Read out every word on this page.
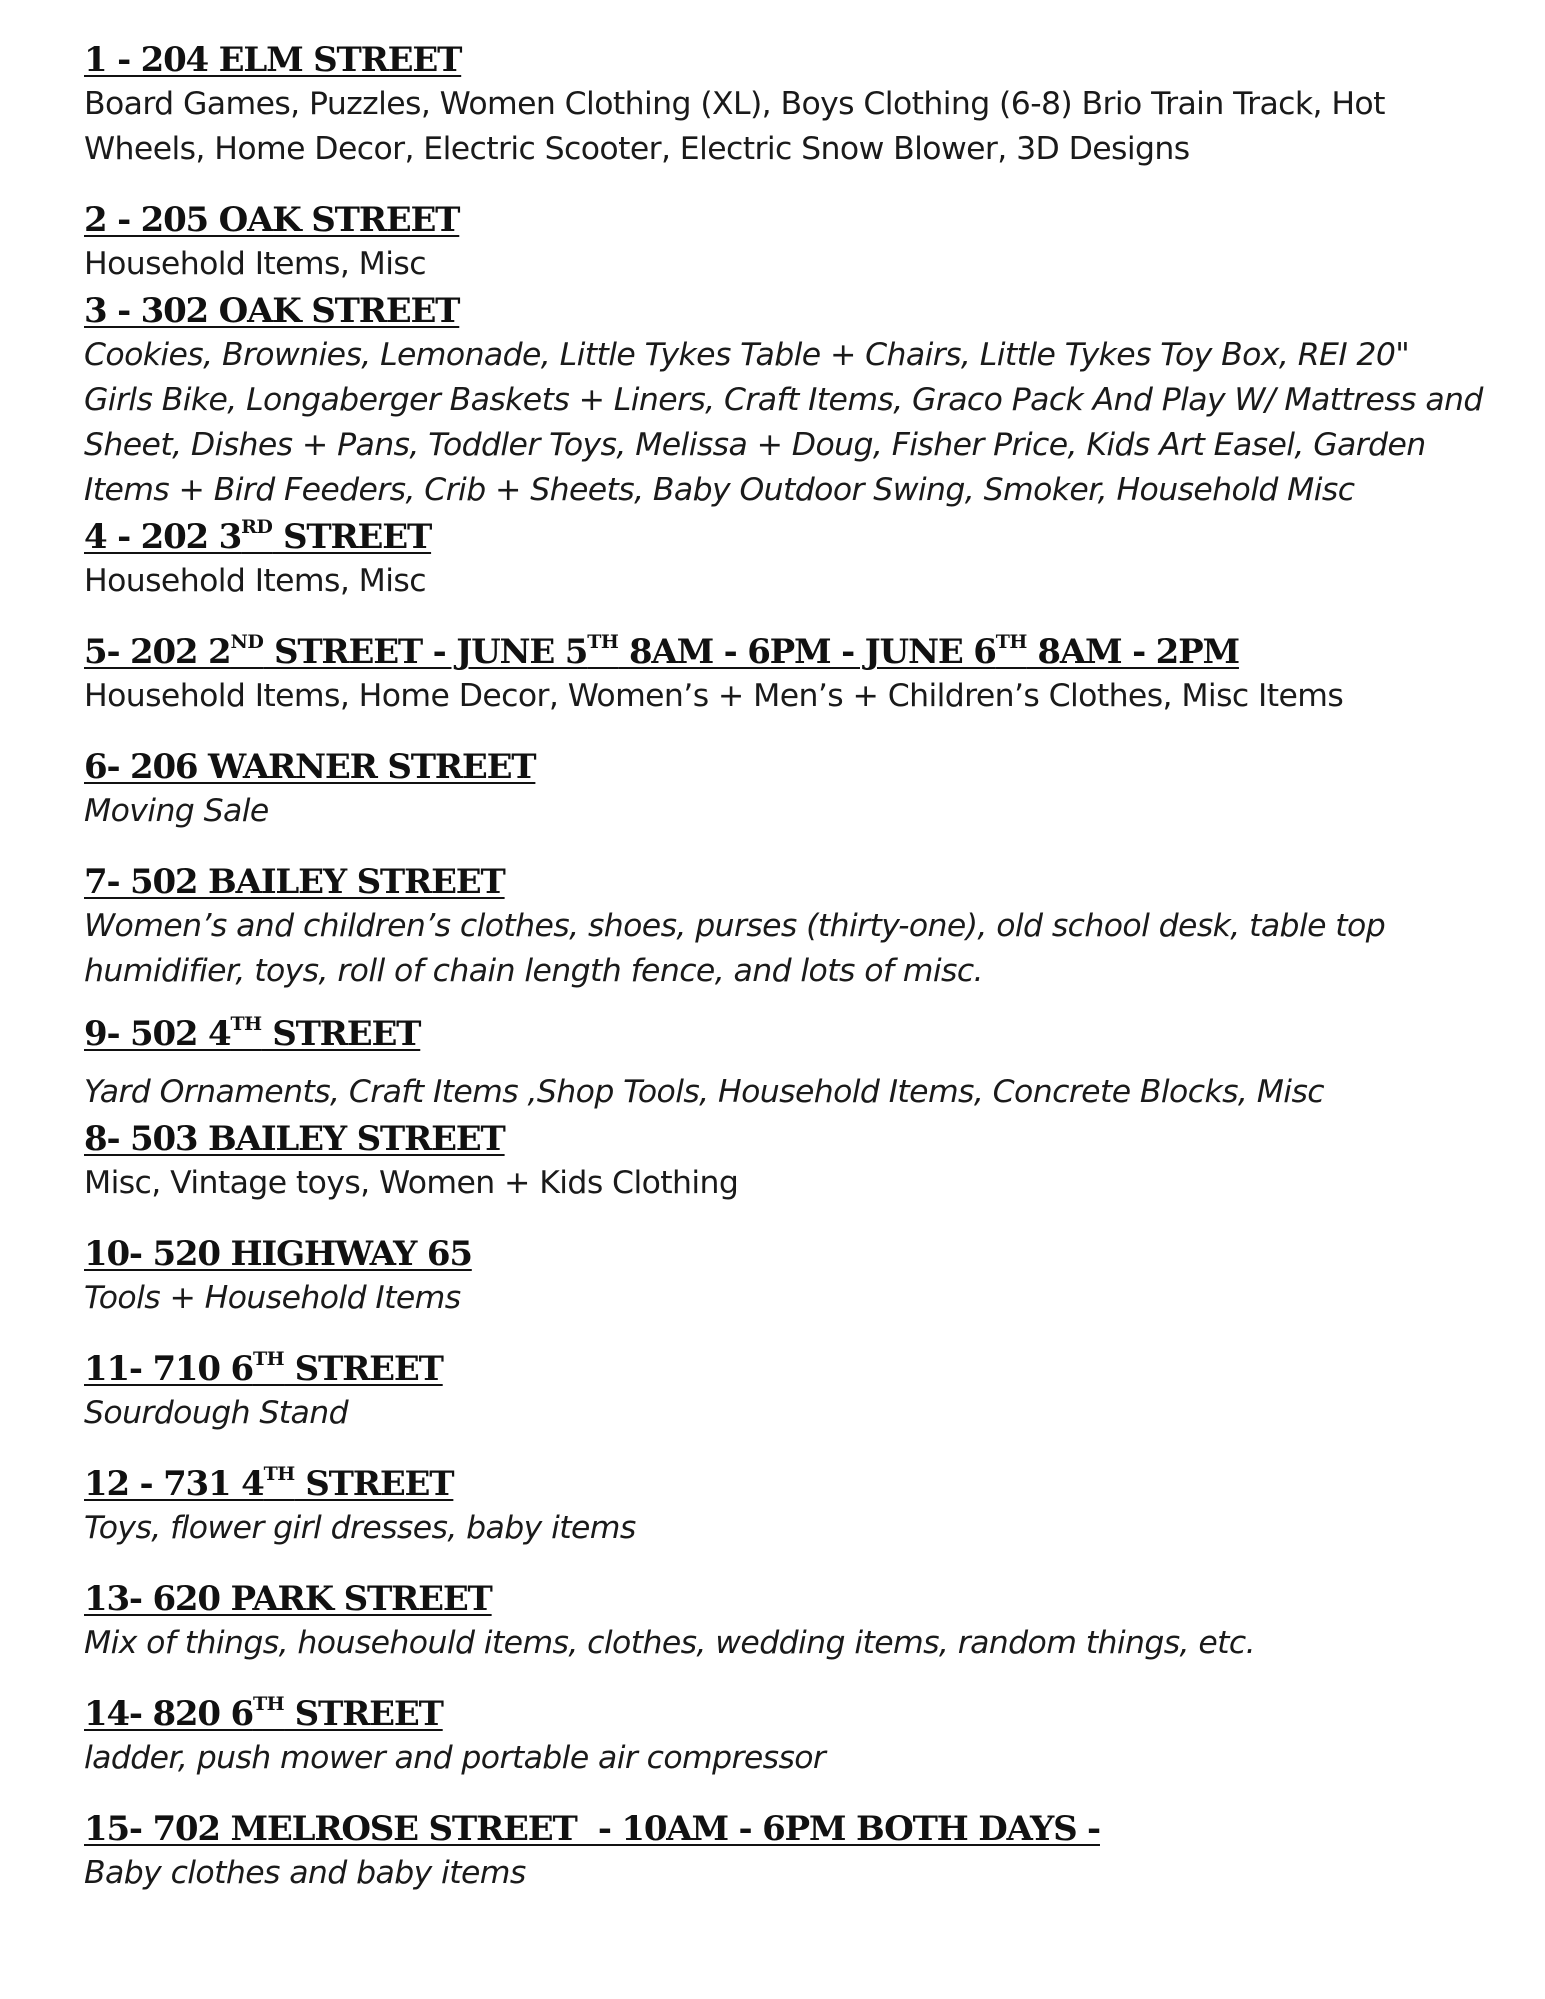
1 - 204 ELM STREET

Board Games, Puzzles, Women Clothing (XL), Boys Clothing (6-8) Brio Train Track, Hot Wheels, Home Decor, Electric Scooter, Electric Snow Blower, 3D Designs

2 - 205 OAK STREET

Household Items, Misc

3 - 302 OAK STREET

Cookies, Brownies, Lemonade, Little Tykes Table + Chairs, Little Tykes Toy Box, REI 20" Girls Bike, Longaberger Baskets + Liners, Craft Items, Graco Pack And Play W/ Mattress and Sheet, Dishes + Pans, Toddler Toys, Melissa + Doug, Fisher Price, Kids Art Easel, Garden Items + Bird Feeders, Crib + Sheets, Baby Outdoor Swing, Smoker, Household Misc

4 - 202 3RD STREET

Household Items, Misc

5- 202 2ND STREET - JUNE 5TH 8AM - 6PM - JUNE 6TH 8AM - 2PM

Household Items, Home Decor, Women’s + Men’s + Children’s Clothes, Misc Items

6- 206 WARNER STREET

Moving Sale

7- 502 BAILEY STREET

Women’s and children’s clothes, shoes, purses (thirty-one), old school desk, table top humidifier, toys, roll of chain length fence, and lots of misc.

9- 502 4TH STREET

Yard Ornaments, Craft Items ,Shop Tools, Household Items, Concrete Blocks, Misc

8- 503 BAILEY STREET

Misc, Vintage toys, Women + Kids Clothing

10- 520 HIGHWAY 65

Tools + Household Items

11- 710 6TH STREET

Sourdough Stand

12 - 731 4TH STREET

Toys, flower girl dresses, baby items

13- 620 PARK STREET

Mix of things, househould items, clothes, wedding items, random things, etc.

14- 820 6TH STREET

ladder, push mower and portable air compressor

15- 702 MELROSE STREET  - 10AM - 6PM BOTH DAYS -

Baby clothes and baby items
